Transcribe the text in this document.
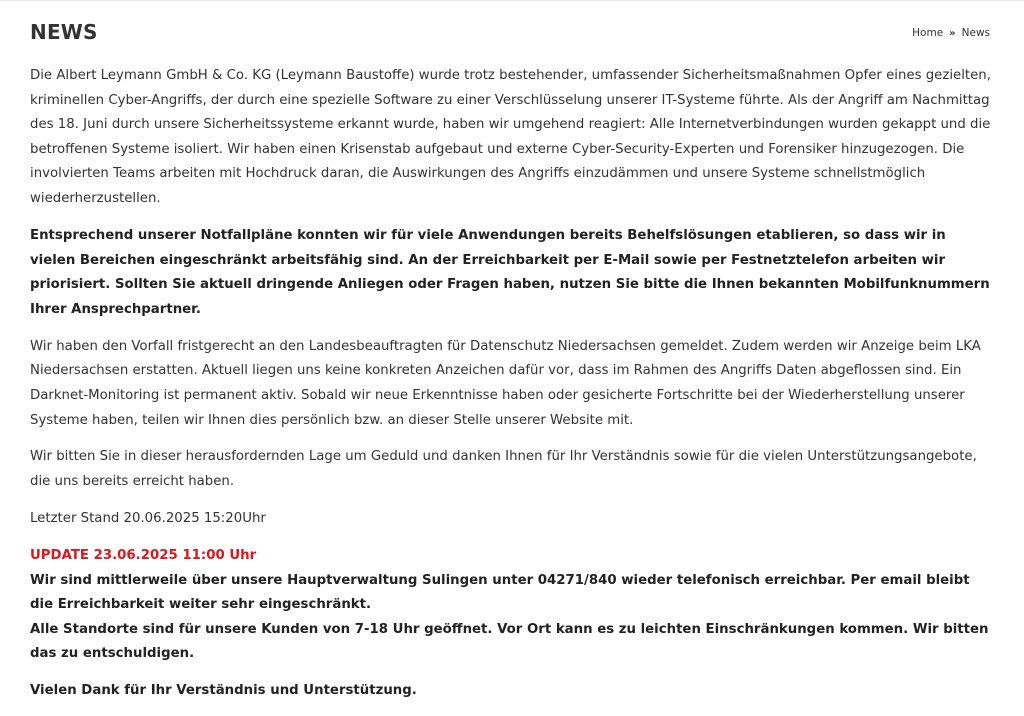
NEWS	Home » News

Die Albert Leymann GmbH & Co. KG (Leymann Baustoffe) wurde trotz bestehender, umfassender Sicherheitsmaßnahmen Opfer eines gezielten, kriminellen Cyber-Angriffs, der durch eine spezielle Software zu einer Verschlüsselung unserer IT-Systeme führte. Als der Angriff am Nachmittag des 18. Juni durch unsere Sicherheitssysteme erkannt wurde, haben wir umgehend reagiert: Alle Internetverbindungen wurden gekappt und die betroffenen Systeme isoliert. Wir haben einen Krisenstab aufgebaut und externe Cyber-Security-Experten und Forensiker hinzugezogen. Die involvierten Teams arbeiten mit Hochdruck daran, die Auswirkungen des Angriffs einzudämmen und unsere Systeme schnellstmöglich wiederherzustellen.

Entsprechend unserer Notfallpläne konnten wir für viele Anwendungen bereits Behelfslösungen etablieren, so dass wir in vielen Bereichen eingeschränkt arbeitsfähig sind. An der Erreichbarkeit per E-Mail sowie per Festnetztelefon arbeiten wir priorisiert. Sollten Sie aktuell dringende Anliegen oder Fragen haben, nutzen Sie bitte die Ihnen bekannten Mobilfunknummern Ihrer Ansprechpartner.

Wir haben den Vorfall fristgerecht an den Landesbeauftragten für Datenschutz Niedersachsen gemeldet. Zudem werden wir Anzeige beim LKA Niedersachsen erstatten. Aktuell liegen uns keine konkreten Anzeichen dafür vor, dass im Rahmen des Angriffs Daten abgeflossen sind. Ein Darknet-Monitoring ist permanent aktiv. Sobald wir neue Erkenntnisse haben oder gesicherte Fortschritte bei der Wiederherstellung unserer Systeme haben, teilen wir Ihnen dies persönlich bzw. an dieser Stelle unserer Website mit.

Wir bitten Sie in dieser herausfordernden Lage um Geduld und danken Ihnen für Ihr Verständnis sowie für die vielen Unterstützungsangebote, die uns bereits erreicht haben.

Letzter Stand 20.06.2025 15:20Uhr

UPDATE 23.06.2025 11:00 Uhr

Wir sind mittlerweile über unsere Hauptverwaltung Sulingen unter 04271/840 wieder telefonisch erreichbar. Per email bleibt die Erreichbarkeit weiter sehr eingeschränkt.

Alle Standorte sind für unsere Kunden von 7-18 Uhr geöffnet. Vor Ort kann es zu leichten Einschränkungen kommen. Wir bitten das zu entschuldigen.

Vielen Dank für Ihr Verständnis und Unterstützung.
